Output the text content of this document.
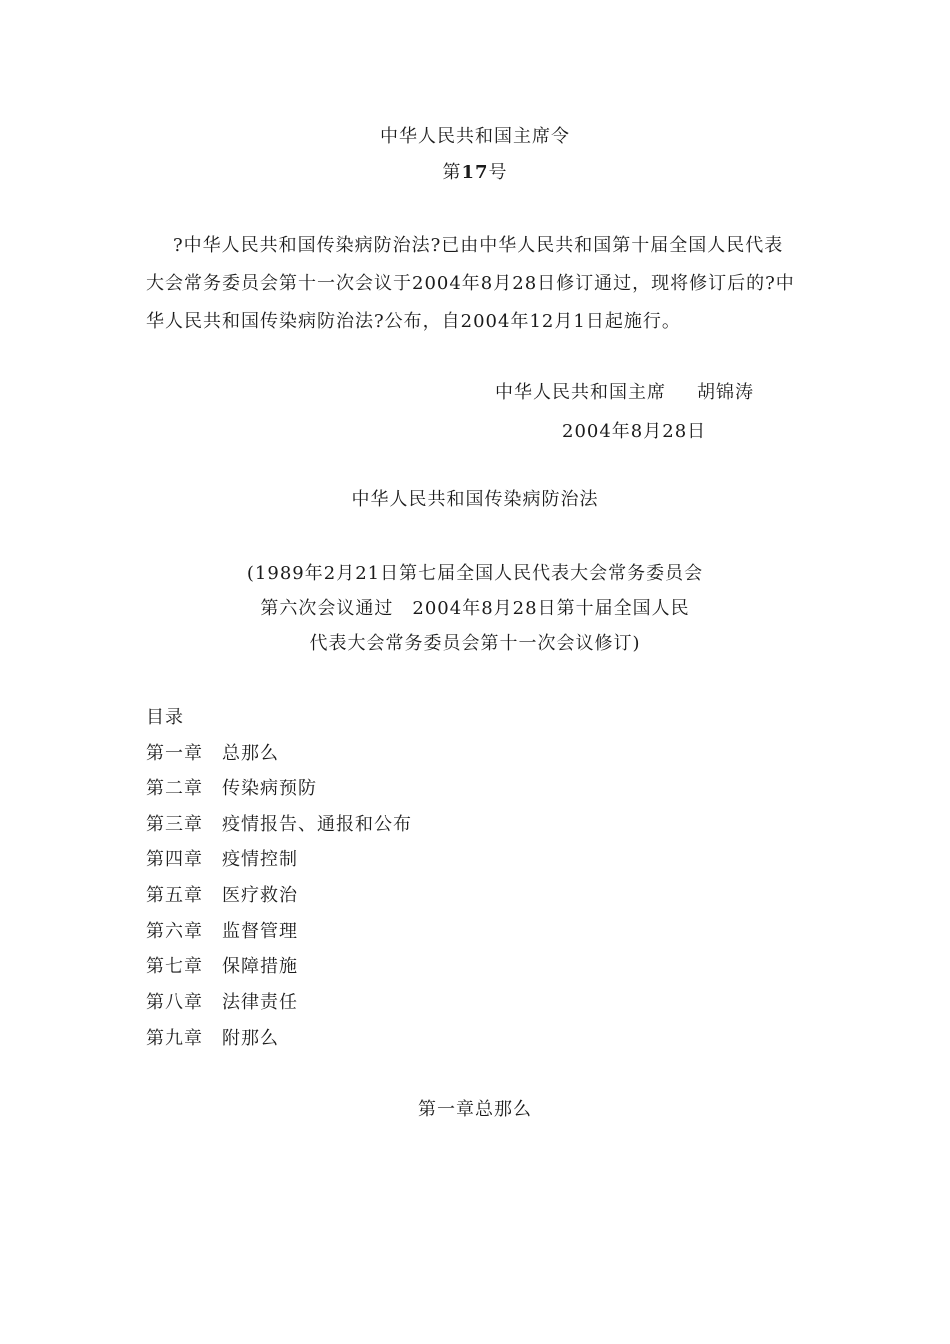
中华人民共和国主席令
第17号
?中华人民共和国传染病防治法?已由中华人民共和国第十届全国人民代表
大会常务委员会第十一次会议于2004年8月28日修订通过，现将修订后的?中
华人民共和国传染病防治法?公布，自2004年12月1日起施行。
中华人民共和国主席 胡锦涛
2004年8月28日
中华人民共和国传染病防治法
(1989年2月21日第七届全国人民代表大会常务委员会
第六次会议通过　2004年8月28日第十届全国人民
代表大会常务委员会第十一次会议修订)
目录
第一章 总那么
第二章 传染病预防
第三章 疫情报告、通报和公布
第四章 疫情控制
第五章 医疗救治
第六章 监督管理
第七章 保障措施
第八章 法律责任
第九章 附那么
第一章总那么
